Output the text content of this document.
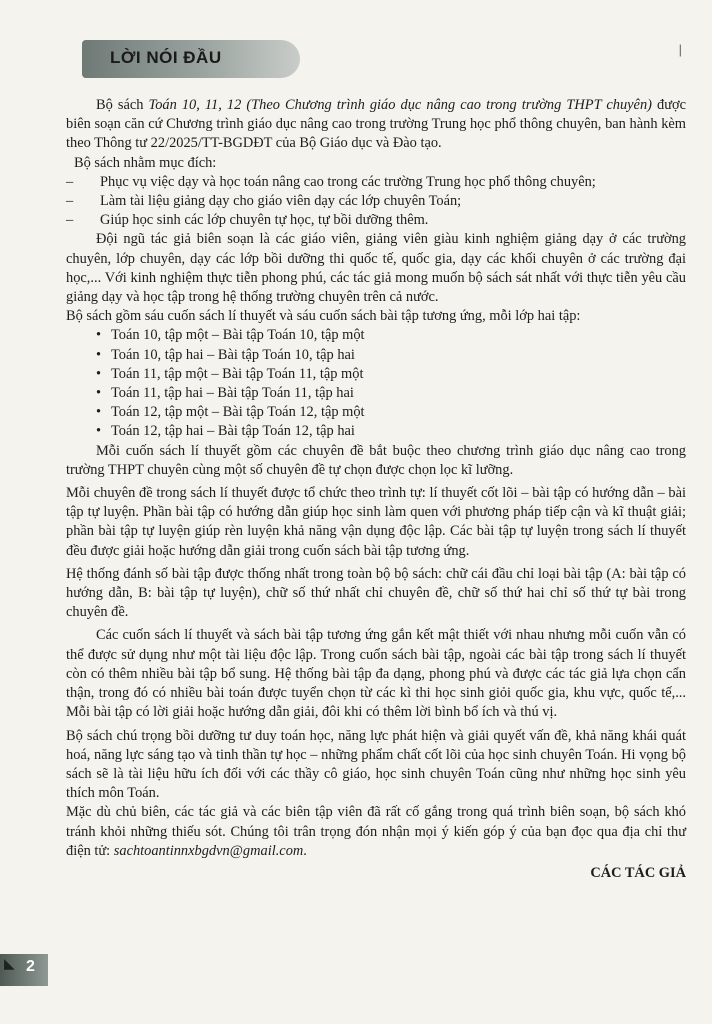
LỜI NÓI ĐẦU	|

Bộ sách Toán 10, 11, 12 (Theo Chương trình giáo dục nâng cao trong trường THPT chuyên) được biên soạn căn cứ Chương trình giáo dục nâng cao trong trường Trung học phổ thông chuyên, ban hành kèm theo Thông tư 22/2025/TT-BGDĐT của Bộ Giáo dục và Đào tạo.

Bộ sách nhằm mục đích:

– Phục vụ việc dạy và học toán nâng cao trong các trường Trung học phổ thông chuyên;
– Làm tài liệu giảng dạy cho giáo viên dạy các lớp chuyên Toán;
– Giúp học sinh các lớp chuyên tự học, tự bồi dưỡng thêm.

Đội ngũ tác giả biên soạn là các giáo viên, giảng viên giàu kinh nghiệm giảng dạy ở các trường chuyên, lớp chuyên, dạy các lớp bồi dưỡng thi quốc tế, quốc gia, dạy các khối chuyên ở các trường đại học,... Với kinh nghiệm thực tiễn phong phú, các tác giả mong muốn bộ sách sát nhất với thực tiễn yêu cầu giảng dạy và học tập trong hệ thống trường chuyên trên cả nước.

Bộ sách gồm sáu cuốn sách lí thuyết và sáu cuốn sách bài tập tương ứng, mỗi lớp hai tập:

• Toán 10, tập một – Bài tập Toán 10, tập một
• Toán 10, tập hai – Bài tập Toán 10, tập hai
• Toán 11, tập một – Bài tập Toán 11, tập một
• Toán 11, tập hai – Bài tập Toán 11, tập hai
• Toán 12, tập một – Bài tập Toán 12, tập một
• Toán 12, tập hai – Bài tập Toán 12, tập hai

Mỗi cuốn sách lí thuyết gồm các chuyên đề bắt buộc theo chương trình giáo dục nâng cao trong trường THPT chuyên cùng một số chuyên đề tự chọn được chọn lọc kĩ lưỡng.

Mỗi chuyên đề trong sách lí thuyết được tổ chức theo trình tự: lí thuyết cốt lõi – bài tập có hướng dẫn – bài tập tự luyện. Phần bài tập có hướng dẫn giúp học sinh làm quen với phương pháp tiếp cận và kĩ thuật giải; phần bài tập tự luyện giúp rèn luyện khả năng vận dụng độc lập. Các bài tập tự luyện trong sách lí thuyết đều được giải hoặc hướng dẫn giải trong cuốn sách bài tập tương ứng.

Hệ thống đánh số bài tập được thống nhất trong toàn bộ bộ sách: chữ cái đầu chỉ loại bài tập (A: bài tập có hướng dẫn, B: bài tập tự luyện), chữ số thứ nhất chỉ chuyên đề, chữ số thứ hai chỉ số thứ tự bài trong chuyên đề.

Các cuốn sách lí thuyết và sách bài tập tương ứng gắn kết mật thiết với nhau nhưng mỗi cuốn vẫn có thể được sử dụng như một tài liệu độc lập. Trong cuốn sách bài tập, ngoài các bài tập trong sách lí thuyết còn có thêm nhiều bài tập bổ sung. Hệ thống bài tập đa dạng, phong phú và được các tác giả lựa chọn cẩn thận, trong đó có nhiều bài toán được tuyển chọn từ các kì thi học sinh giỏi quốc gia, khu vực, quốc tế,... Mỗi bài tập có lời giải hoặc hướng dẫn giải, đôi khi có thêm lời bình bổ ích và thú vị.

Bộ sách chú trọng bồi dưỡng tư duy toán học, năng lực phát hiện và giải quyết vấn đề, khả năng khái quát hoá, năng lực sáng tạo và tinh thần tự học – những phẩm chất cốt lõi của học sinh chuyên Toán. Hi vọng bộ sách sẽ là tài liệu hữu ích đối với các thầy cô giáo, học sinh chuyên Toán cũng như những học sinh yêu thích môn Toán.

Mặc dù chủ biên, các tác giả và các biên tập viên đã rất cố gắng trong quá trình biên soạn, bộ sách khó tránh khỏi những thiếu sót. Chúng tôi trân trọng đón nhận mọi ý kiến góp ý của bạn đọc qua địa chỉ thư điện tử: sachtoantinnxbgdvn@gmail.com.

CÁC TÁC GIẢ

◣ 2
